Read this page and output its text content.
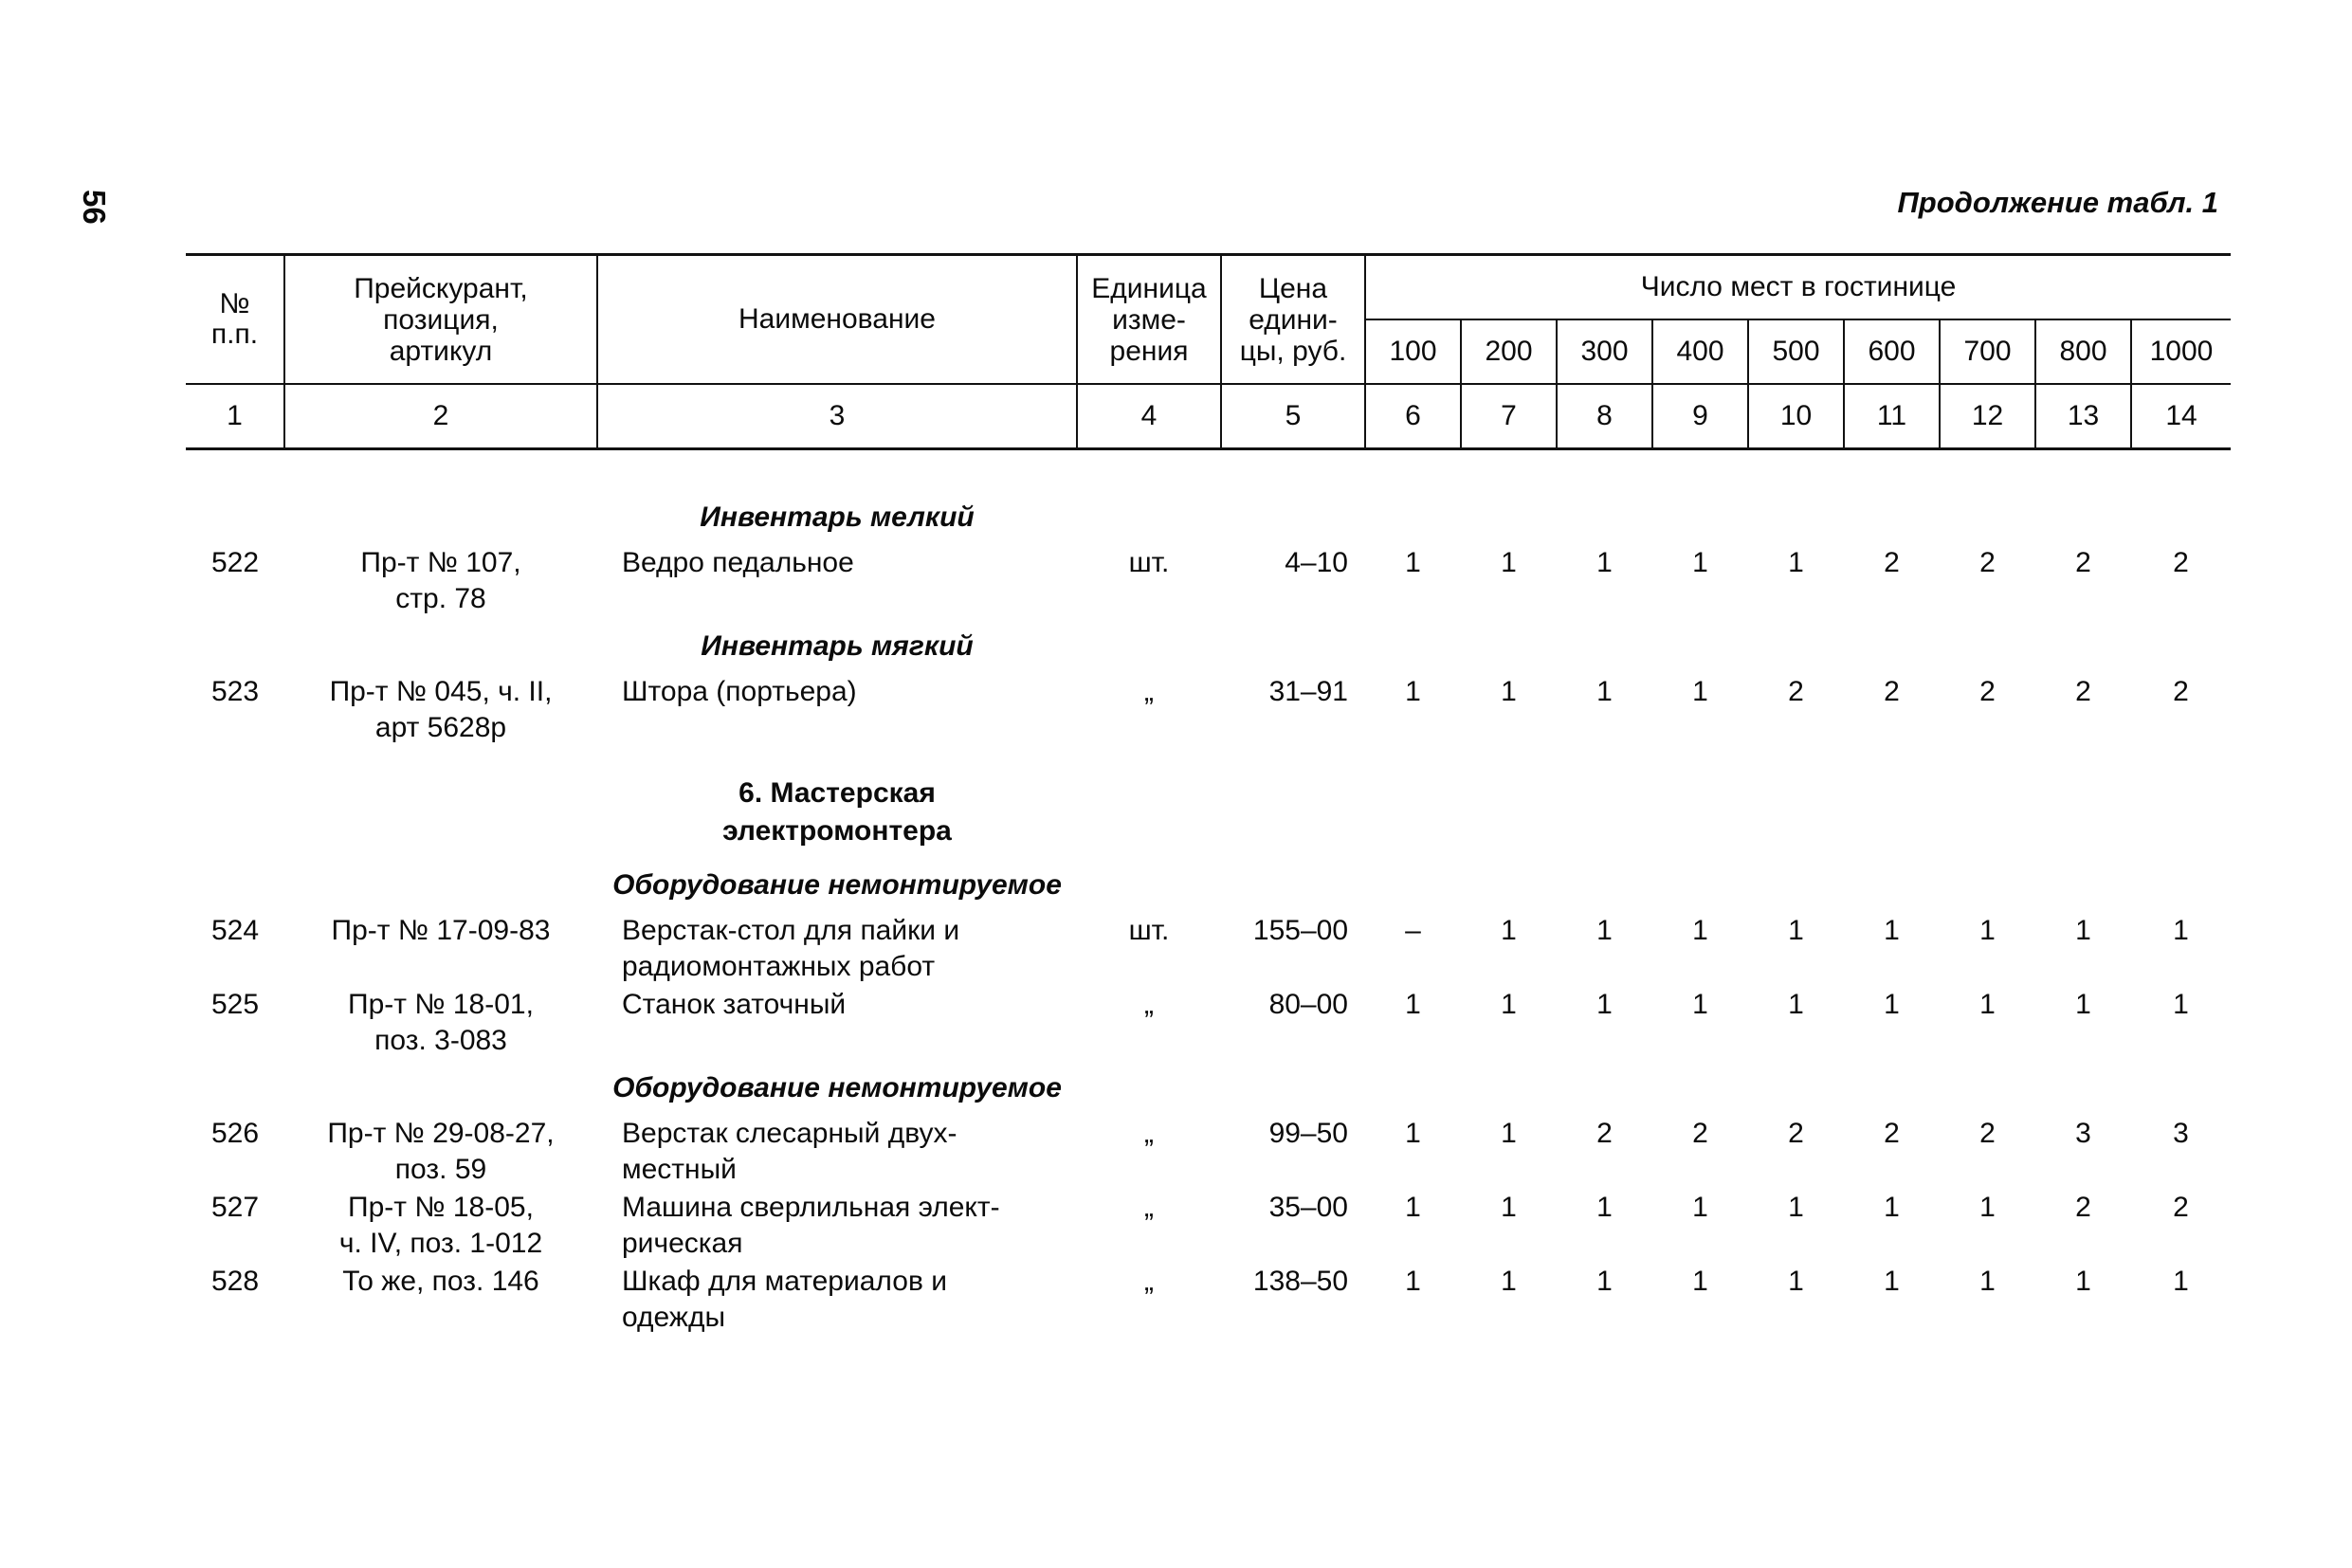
56	Продолжение табл. 1
№
п.п.	Прейскурант,
позиция,
артикул	Наименование	Единица
изме-
рения	Цена
едини-
цы, руб.	Число мест в гостинице								
					100	200	300	400	500	600	700	800	1000
1	2	3	4	5	6	7	8	9	10	11	12	13	14

		Инвентарь мелкий											
522	Пр-т № 107,
стр. 78	Ведро педальное	шт.	4–10	1	1	1	1	1	2	2	2	2
		Инвентарь мягкий											
523	Пр-т № 045, ч. II,
арт 5628р	Штора (портьера)	„	31–91	1	1	1	1	2	2	2	2	2
		6. Мастерская
электромонтера											
		Оборудование немонтируемое											
524	Пр-т № 17-09-83	Верстак-стол для пайки и
радиомонтажных работ	шт.	155–00	–	1	1	1	1	1	1	1	1
525	Пр-т № 18-01,
поз. 3-083	Станок заточный	„	80–00	1	1	1	1	1	1	1	1	1
		Оборудование немонтируемое											
526	Пр-т № 29-08-27,
поз. 59	Верстак слесарный двух-
местный	„	99–50	1	1	2	2	2	2	2	3	3
527	Пр-т № 18-05,
ч. IV, поз. 1-012	Машина сверлильная элект-
рическая	„	35–00	1	1	1	1	1	1	1	2	2
528	То же, поз. 146	Шкаф для материалов и
одежды	„	138–50	1	1	1	1	1	1	1	1	1
